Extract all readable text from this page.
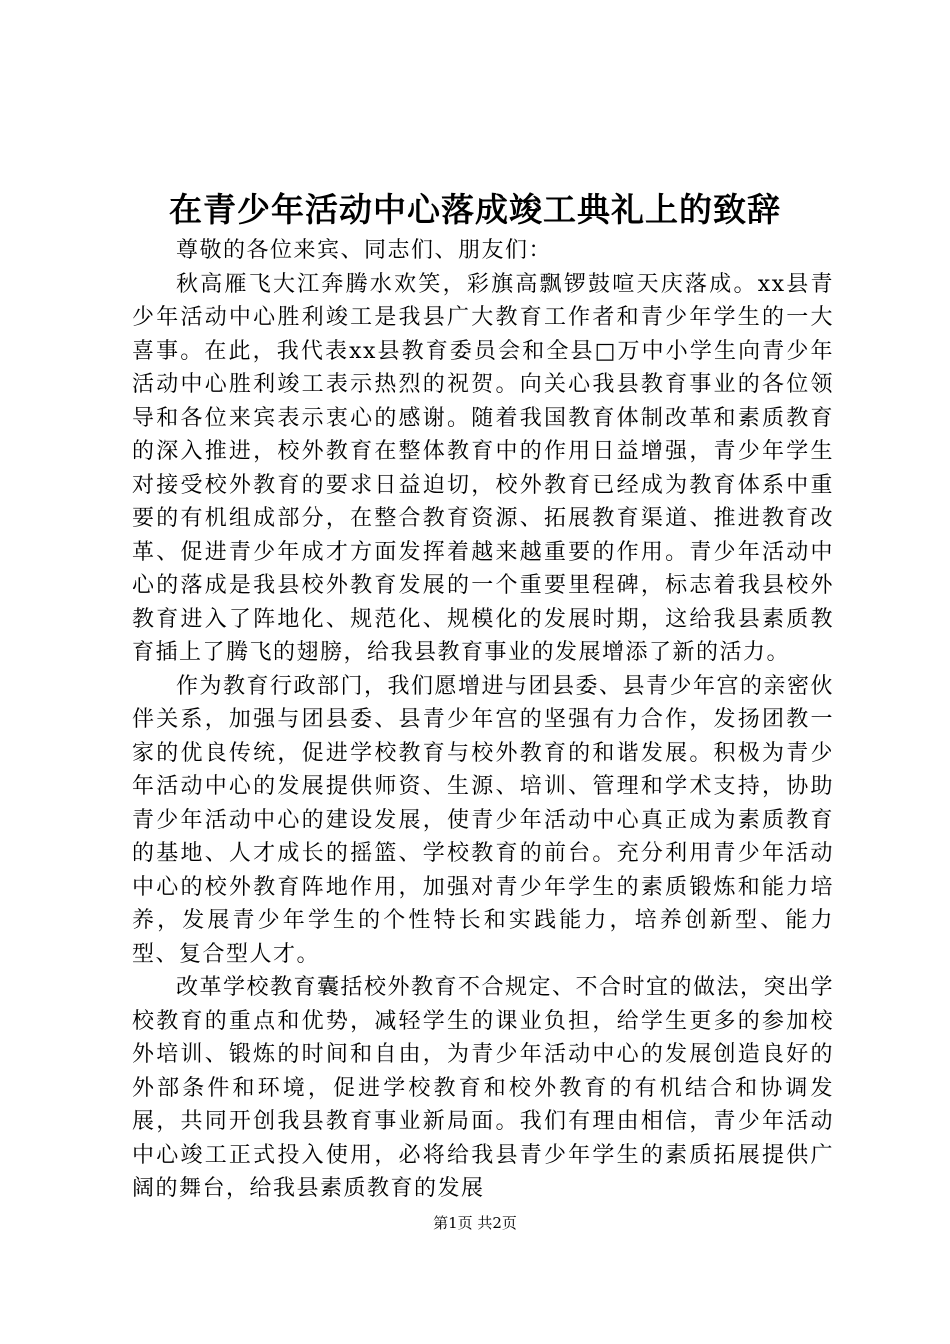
在青少年活动中心落成竣工典礼上的致辞

尊敬的各位来宾、同志们、朋友们：

秋高雁飞大江奔腾水欢笑，彩旗高飘锣鼓喧天庆落成。xx县青少年活动中心胜利竣工是我县广大教育工作者和青少年学生的一大喜事。在此，我代表xx县教育委员会和全县□万中小学生向青少年活动中心胜利竣工表示热烈的祝贺。向关心我县教育事业的各位领导和各位来宾表示衷心的感谢。随着我国教育体制改革和素质教育的深入推进，校外教育在整体教育中的作用日益增强，青少年学生对接受校外教育的要求日益迫切，校外教育已经成为教育体系中重要的有机组成部分，在整合教育资源、拓展教育渠道、推进教育改革、促进青少年成才方面发挥着越来越重要的作用。青少年活动中心的落成是我县校外教育发展的一个重要里程碑，标志着我县校外教育进入了阵地化、规范化、规模化的发展时期，这给我县素质教育插上了腾飞的翅膀，给我县教育事业的发展增添了新的活力。

作为教育行政部门，我们愿增进与团县委、县青少年宫的亲密伙伴关系，加强与团县委、县青少年宫的坚强有力合作，发扬团教一家的优良传统，促进学校教育与校外教育的和谐发展。积极为青少年活动中心的发展提供师资、生源、培训、管理和学术支持，协助青少年活动中心的建设发展，使青少年活动中心真正成为素质教育的基地、人才成长的摇篮、学校教育的前台。充分利用青少年活动中心的校外教育阵地作用，加强对青少年学生的素质锻炼和能力培养，发展青少年学生的个性特长和实践能力，培养创新型、能力型、复合型人才。

改革学校教育囊括校外教育不合规定、不合时宜的做法，突出学校教育的重点和优势，减轻学生的课业负担，给学生更多的参加校外培训、锻炼的时间和自由，为青少年活动中心的发展创造良好的外部条件和环境，促进学校教育和校外教育的有机结合和协调发展，共同开创我县教育事业新局面。我们有理由相信，青少年活动中心竣工正式投入使用，必将给我县青少年学生的素质拓展提供广阔的舞台，给我县素质教育的发展

第1页 共2页
